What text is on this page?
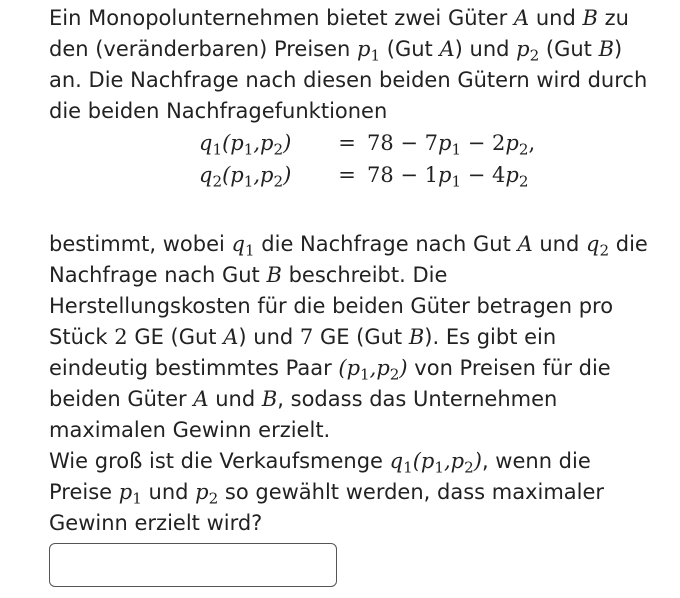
Ein Monopolunternehmen bietet zwei Güter A und B zu den (veränderbaren) Preisen $p_1$ (Gut A) und $p_2$ (Gut B) an. Die Nachfrage nach diesen beiden Gütern wird durch die beiden Nachfragefunktionen

$q_1(p_1,p_2)$	= $78 - 7p_1 - 2p_2$,
$q_2(p_1,p_2)$	= $78 - 1p_1 - 4p_2$

bestimmt, wobei $q_1$ die Nachfrage nach Gut A und $q_2$ die Nachfrage nach Gut B beschreibt. Die Herstellungskosten für die beiden Güter betragen pro Stück 2 GE (Gut A) und 7 GE (Gut B). Es gibt ein eindeutig bestimmtes Paar $(p_1,p_2)$ von Preisen für die beiden Güter A und B, sodass das Unternehmen maximalen Gewinn erzielt.
Wie groß ist die Verkaufsmenge $q_1(p_1,p_2)$, wenn die Preise $p_1$ und $p_2$ so gewählt werden, dass maximaler Gewinn erzielt wird?
